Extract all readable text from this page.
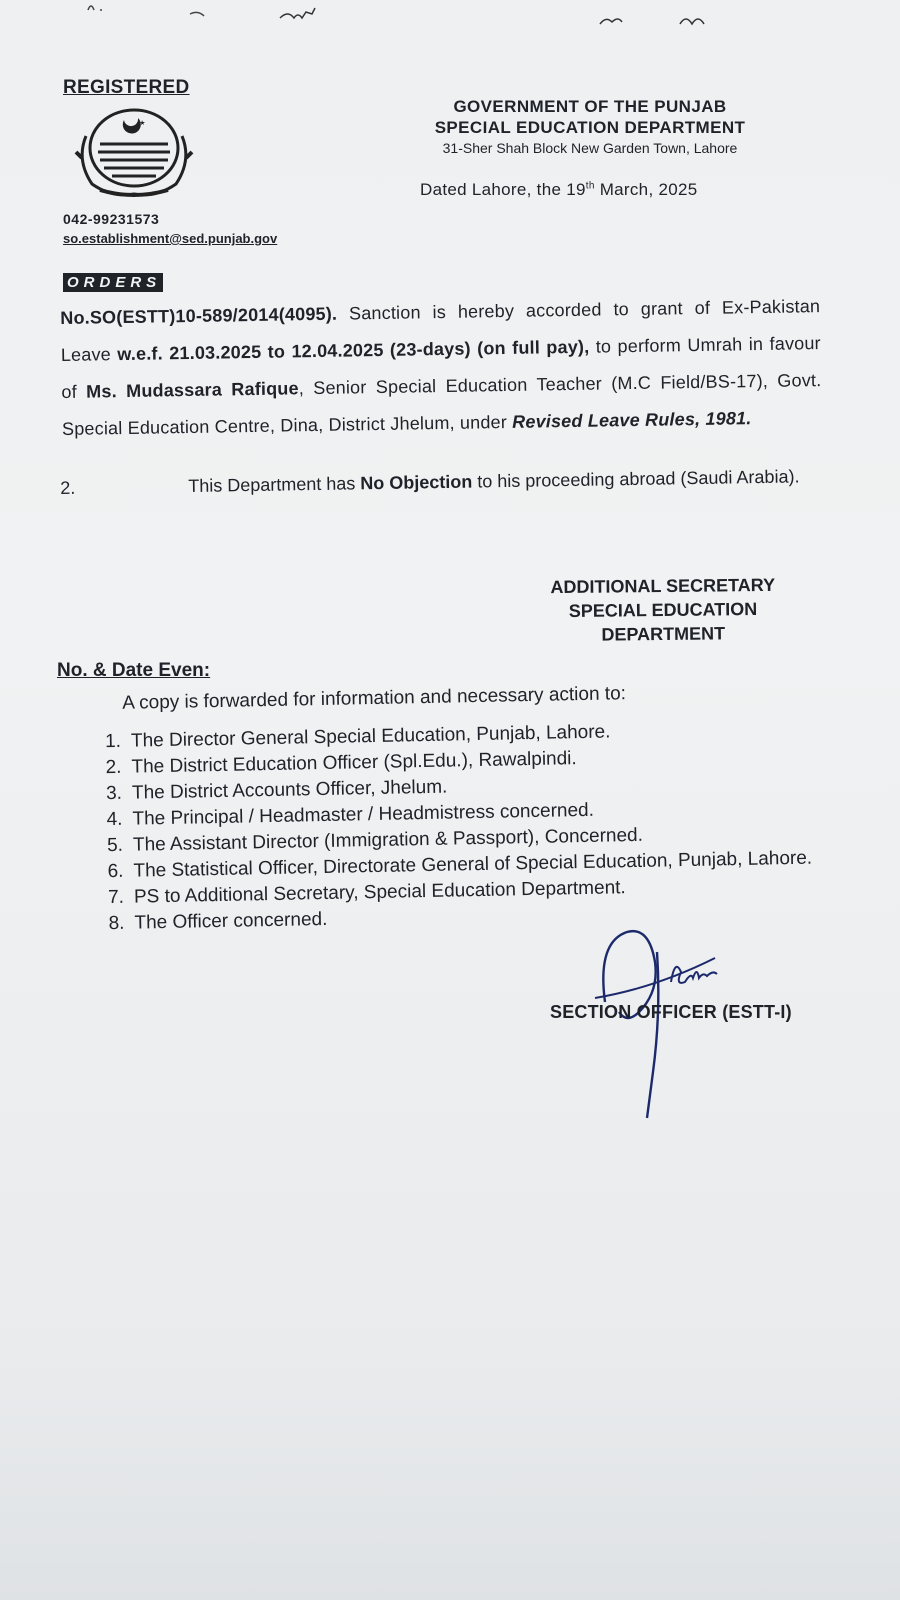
REGISTERED
042-99231573
so.establishment@sed.punjab.gov
GOVERNMENT OF THE PUNJAB
SPECIAL EDUCATION DEPARTMENT
31-Sher Shah Block New Garden Town, Lahore
Dated Lahore, the 19th March, 2025
ORDERS
No.SO(ESTT)10-589/2014(4095). Sanction is hereby accorded to grant of Ex-Pakistan Leave w.e.f. 21.03.2025 to 12.04.2025 (23-days) (on full pay), to perform Umrah in favour of Ms. Mudassara Rafique, Senior Special Education Teacher (M.C Field/BS-17), Govt. Special Education Centre, Dina, District Jhelum, under Revised Leave Rules, 1981.
2.	This Department has No Objection to his proceeding abroad (Saudi Arabia).
ADDITIONAL SECRETARY
SPECIAL EDUCATION
DEPARTMENT
No. & Date Even:
A copy is forwarded for information and necessary action to:
1. The Director General Special Education, Punjab, Lahore.
2. The District Education Officer (Spl.Edu.), Rawalpindi.
3. The District Accounts Officer, Jhelum.
4. The Principal / Headmaster / Headmistress concerned.
5. The Assistant Director (Immigration & Passport), Concerned.
6. The Statistical Officer, Directorate General of Special Education, Punjab, Lahore.
7. PS to Additional Secretary, Special Education Department.
8. The Officer concerned.
SECTION OFFICER (ESTT-I)
